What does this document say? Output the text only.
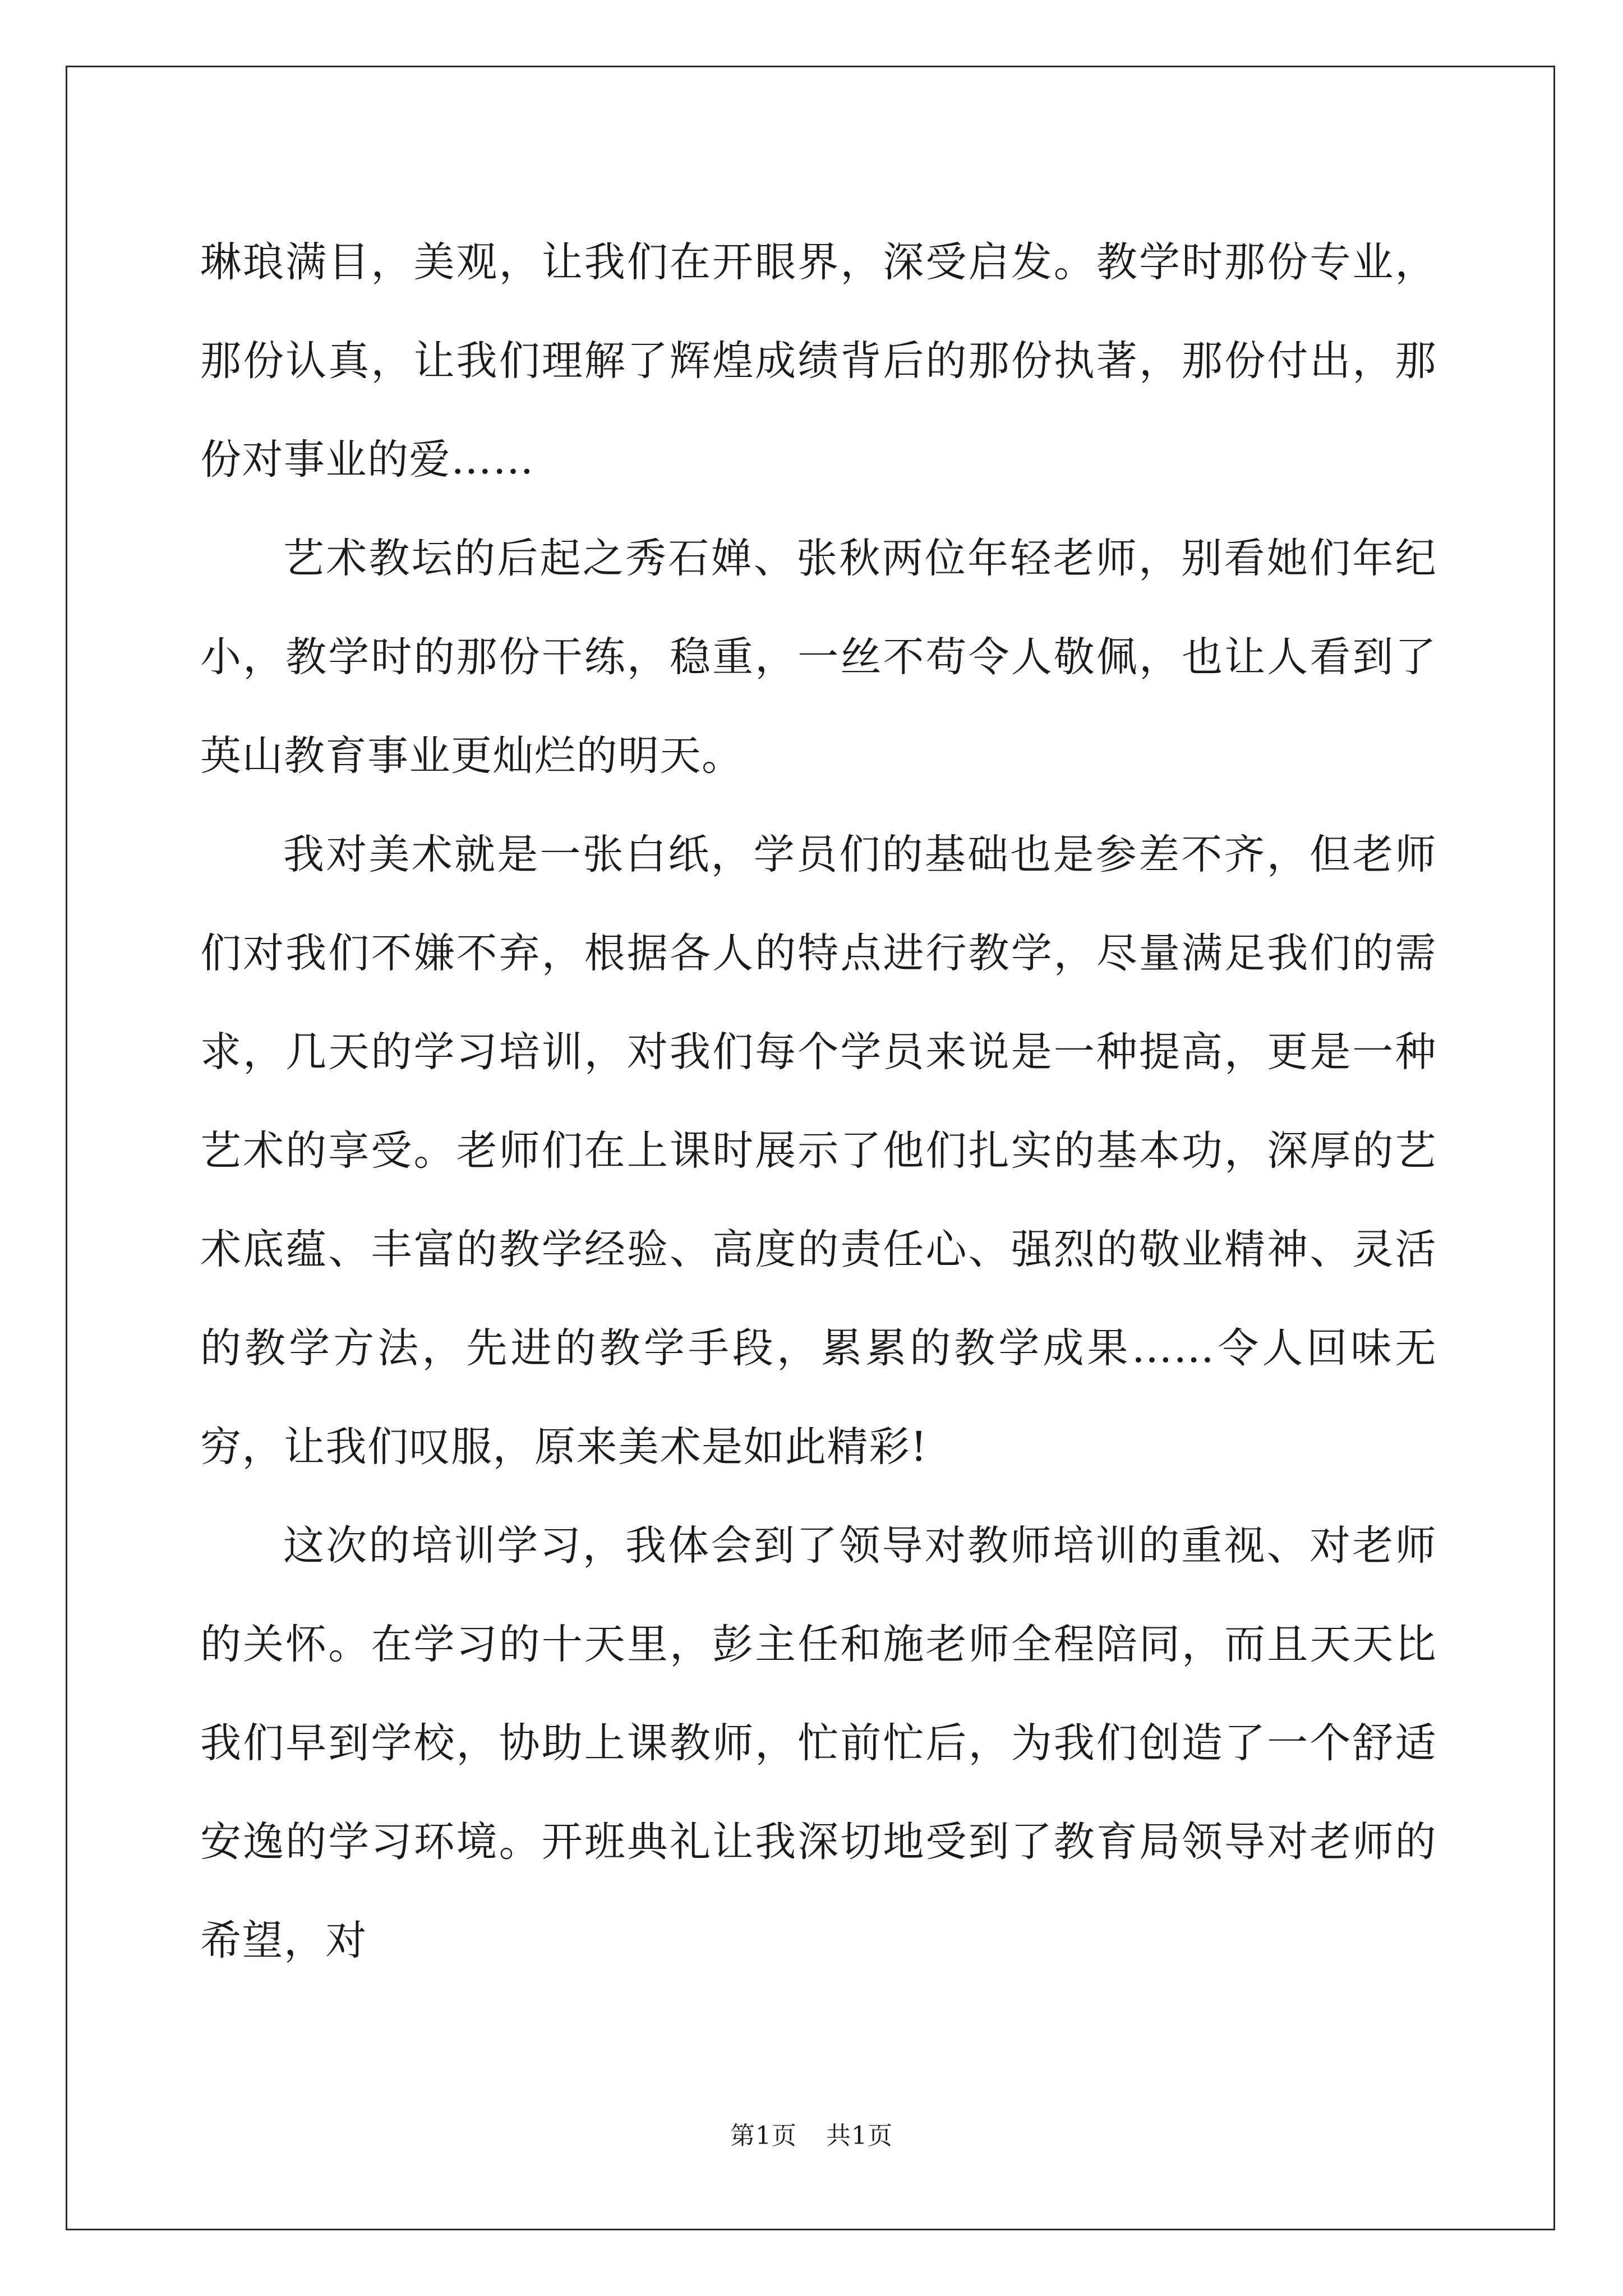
琳琅满目，美观，让我们在开眼界，深受启发。教学时那份专业，那份认真，让我们理解了辉煌成绩背后的那份执著，那份付出，那份对事业的爱……

艺术教坛的后起之秀石婵、张秋两位年轻老师，别看她们年纪小，教学时的那份干练，稳重，一丝不苟令人敬佩，也让人看到了英山教育事业更灿烂的明天。

我对美术就是一张白纸，学员们的基础也是参差不齐，但老师们对我们不嫌不弃，根据各人的特点进行教学，尽量满足我们的需求，几天的学习培训，对我们每个学员来说是一种提高，更是一种艺术的享受。老师们在上课时展示了他们扎实的基本功，深厚的艺术底蕴、丰富的教学经验、高度的责任心、强烈的敬业精神、灵活的教学方法，先进的教学手段，累累的教学成果……令人回味无穷，让我们叹服，原来美术是如此精彩!

这次的培训学习，我体会到了领导对教师培训的重视、对老师的关怀。在学习的十天里，彭主任和施老师全程陪同，而且天天比我们早到学校，协助上课教师，忙前忙后，为我们创造了一个舒适安逸的学习环境。开班典礼让我深切地受到了教育局领导对老师的希望，对

第1页 共1页
